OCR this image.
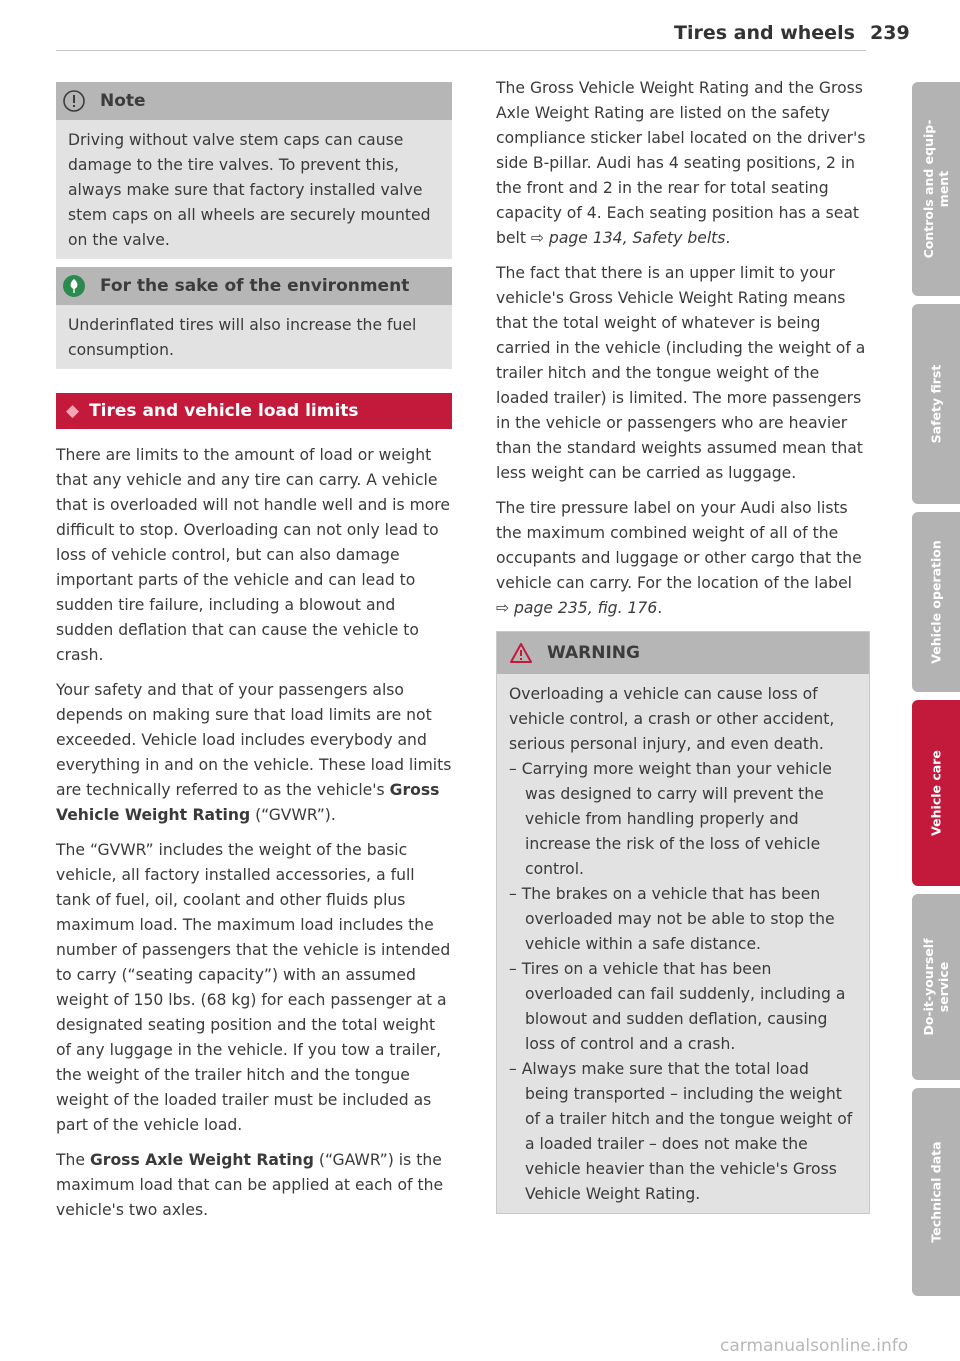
Tires and wheels 239
Note
Driving without valve stem caps can cause damage to the tire valves. To prevent this, always make sure that factory installed valve stem caps on all wheels are securely mounted on the valve.
For the sake of the environment
Underinflated tires will also increase the fuel consumption.
◆ Tires and vehicle load limits

There are limits to the amount of load or weight that any vehicle and any tire can carry. A vehicle that is overloaded will not handle well and is more difficult to stop. Overloading can not only lead to loss of vehicle control, but can also damage important parts of the vehicle and can lead to sudden tire failure, including a blowout and sudden deflation that can cause the vehicle to crash.

Your safety and that of your passengers also depends on making sure that load limits are not exceeded. Vehicle load includes everybody and everything in and on the vehicle. These load limits are technically referred to as the vehicle's Gross Vehicle Weight Rating (“GVWR”).

The “GVWR” includes the weight of the basic vehicle, all factory installed accessories, a full tank of fuel, oil, coolant and other fluids plus maximum load. The maximum load includes the number of passengers that the vehicle is intended to carry (“seating capacity”) with an assumed weight of 150 lbs. (68 kg) for each passenger at a designated seating position and the total weight of any luggage in the vehicle. If you tow a trailer, the weight of the trailer hitch and the tongue weight of the loaded trailer must be included as part of the vehicle load.

The Gross Axle Weight Rating (“GAWR”) is the maximum load that can be applied at each of the vehicle's two axles.

The Gross Vehicle Weight Rating and the Gross Axle Weight Rating are listed on the safety compliance sticker label located on the driver's side B-pillar. Audi has 4 seating positions, 2 in the front and 2 in the rear for total seating capacity of 4. Each seating position has a seat belt ⇨ page 134, Safety belts.

The fact that there is an upper limit to your vehicle's Gross Vehicle Weight Rating means that the total weight of whatever is being carried in the vehicle (including the weight of a trailer hitch and the tongue weight of the loaded trailer) is limited. The more passengers in the vehicle or passengers who are heavier than the standard weights assumed mean that less weight can be carried as luggage.

The tire pressure label on your Audi also lists the maximum combined weight of all of the occupants and luggage or other cargo that the vehicle can carry. For the location of the label ⇨ page 235, fig. 176.

WARNING
Overloading a vehicle can cause loss of vehicle control, a crash or other accident, serious personal injury, and even death.
– Carrying more weight than your vehicle was designed to carry will prevent the vehicle from handling properly and increase the risk of the loss of vehicle control.
– The brakes on a vehicle that has been overloaded may not be able to stop the vehicle within a safe distance.
– Tires on a vehicle that has been overloaded can fail suddenly, including a blowout and sudden deflation, causing loss of control and a crash.
– Always make sure that the total load being transported – including the weight of a trailer hitch and the tongue weight of a loaded trailer – does not make the vehicle heavier than the vehicle's Gross Vehicle Weight Rating.
Controls and equip-
ment
Safety first
Vehicle operation
Vehicle care
Do-it-yourself
service
Technical data
carmanualsonline.info
